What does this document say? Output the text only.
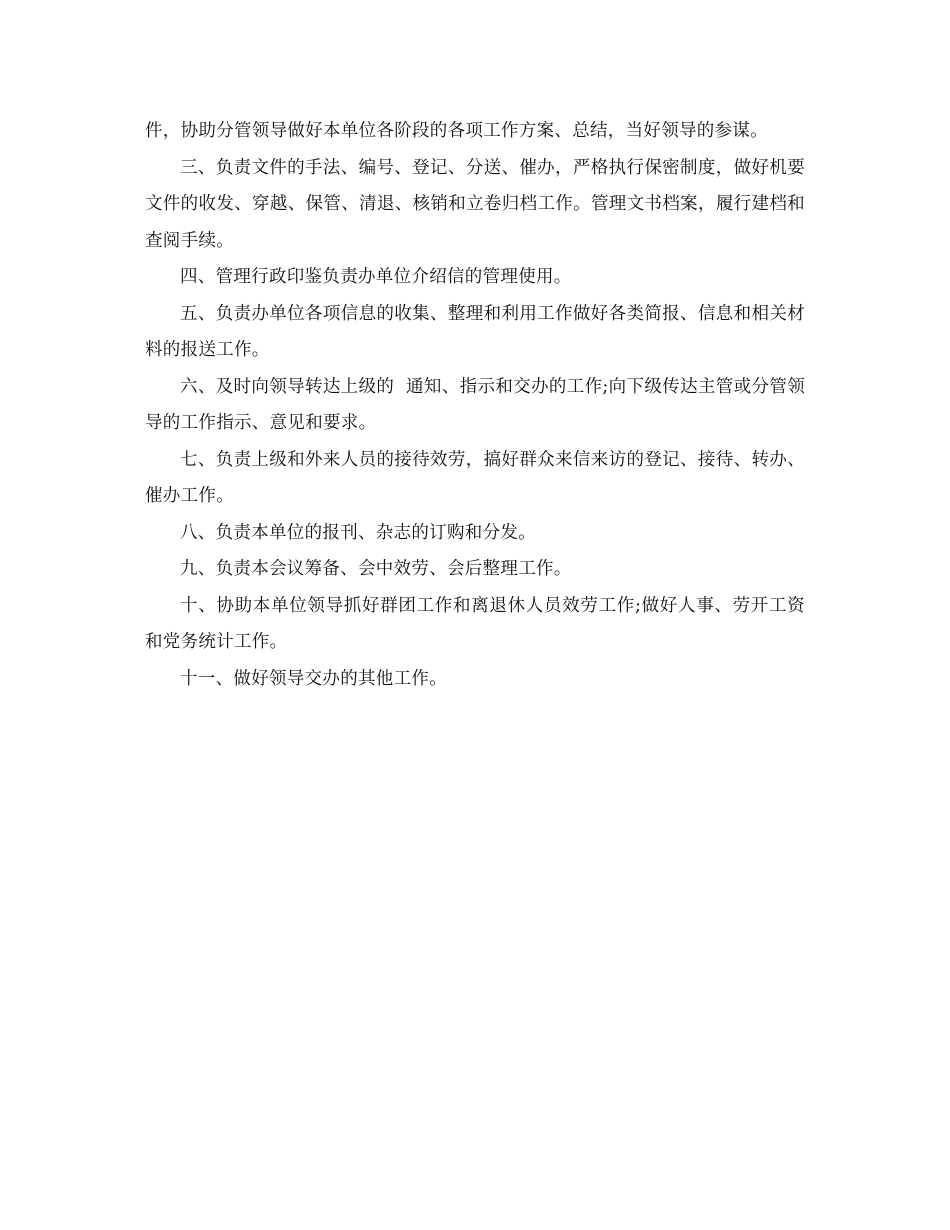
件，协助分管领导做好本单位各阶段的各项工作方案、总结，当好领导的参谋。

三、负责文件的手法、编号、登记、分送、催办，严格执行保密制度，做好机要文件的收发、穿越、保管、清退、核销和立卷归档工作。管理文书档案，履行建档和查阅手续。

四、管理行政印鉴负责办单位介绍信的管理使用。

五、负责办单位各项信息的收集、整理和利用工作做好各类简报、信息和相关材料的报送工作。

六、及时向领导转达上级的  通知、指示和交办的工作;向下级传达主管或分管领导的工作指示、意见和要求。

七、负责上级和外来人员的接待效劳，搞好群众来信来访的登记、接待、转办、催办工作。

八、负责本单位的报刊、杂志的订购和分发。

九、负责本会议筹备、会中效劳、会后整理工作。

十、协助本单位领导抓好群团工作和离退休人员效劳工作;做好人事、劳开工资和党务统计工作。

十一、做好领导交办的其他工作。
